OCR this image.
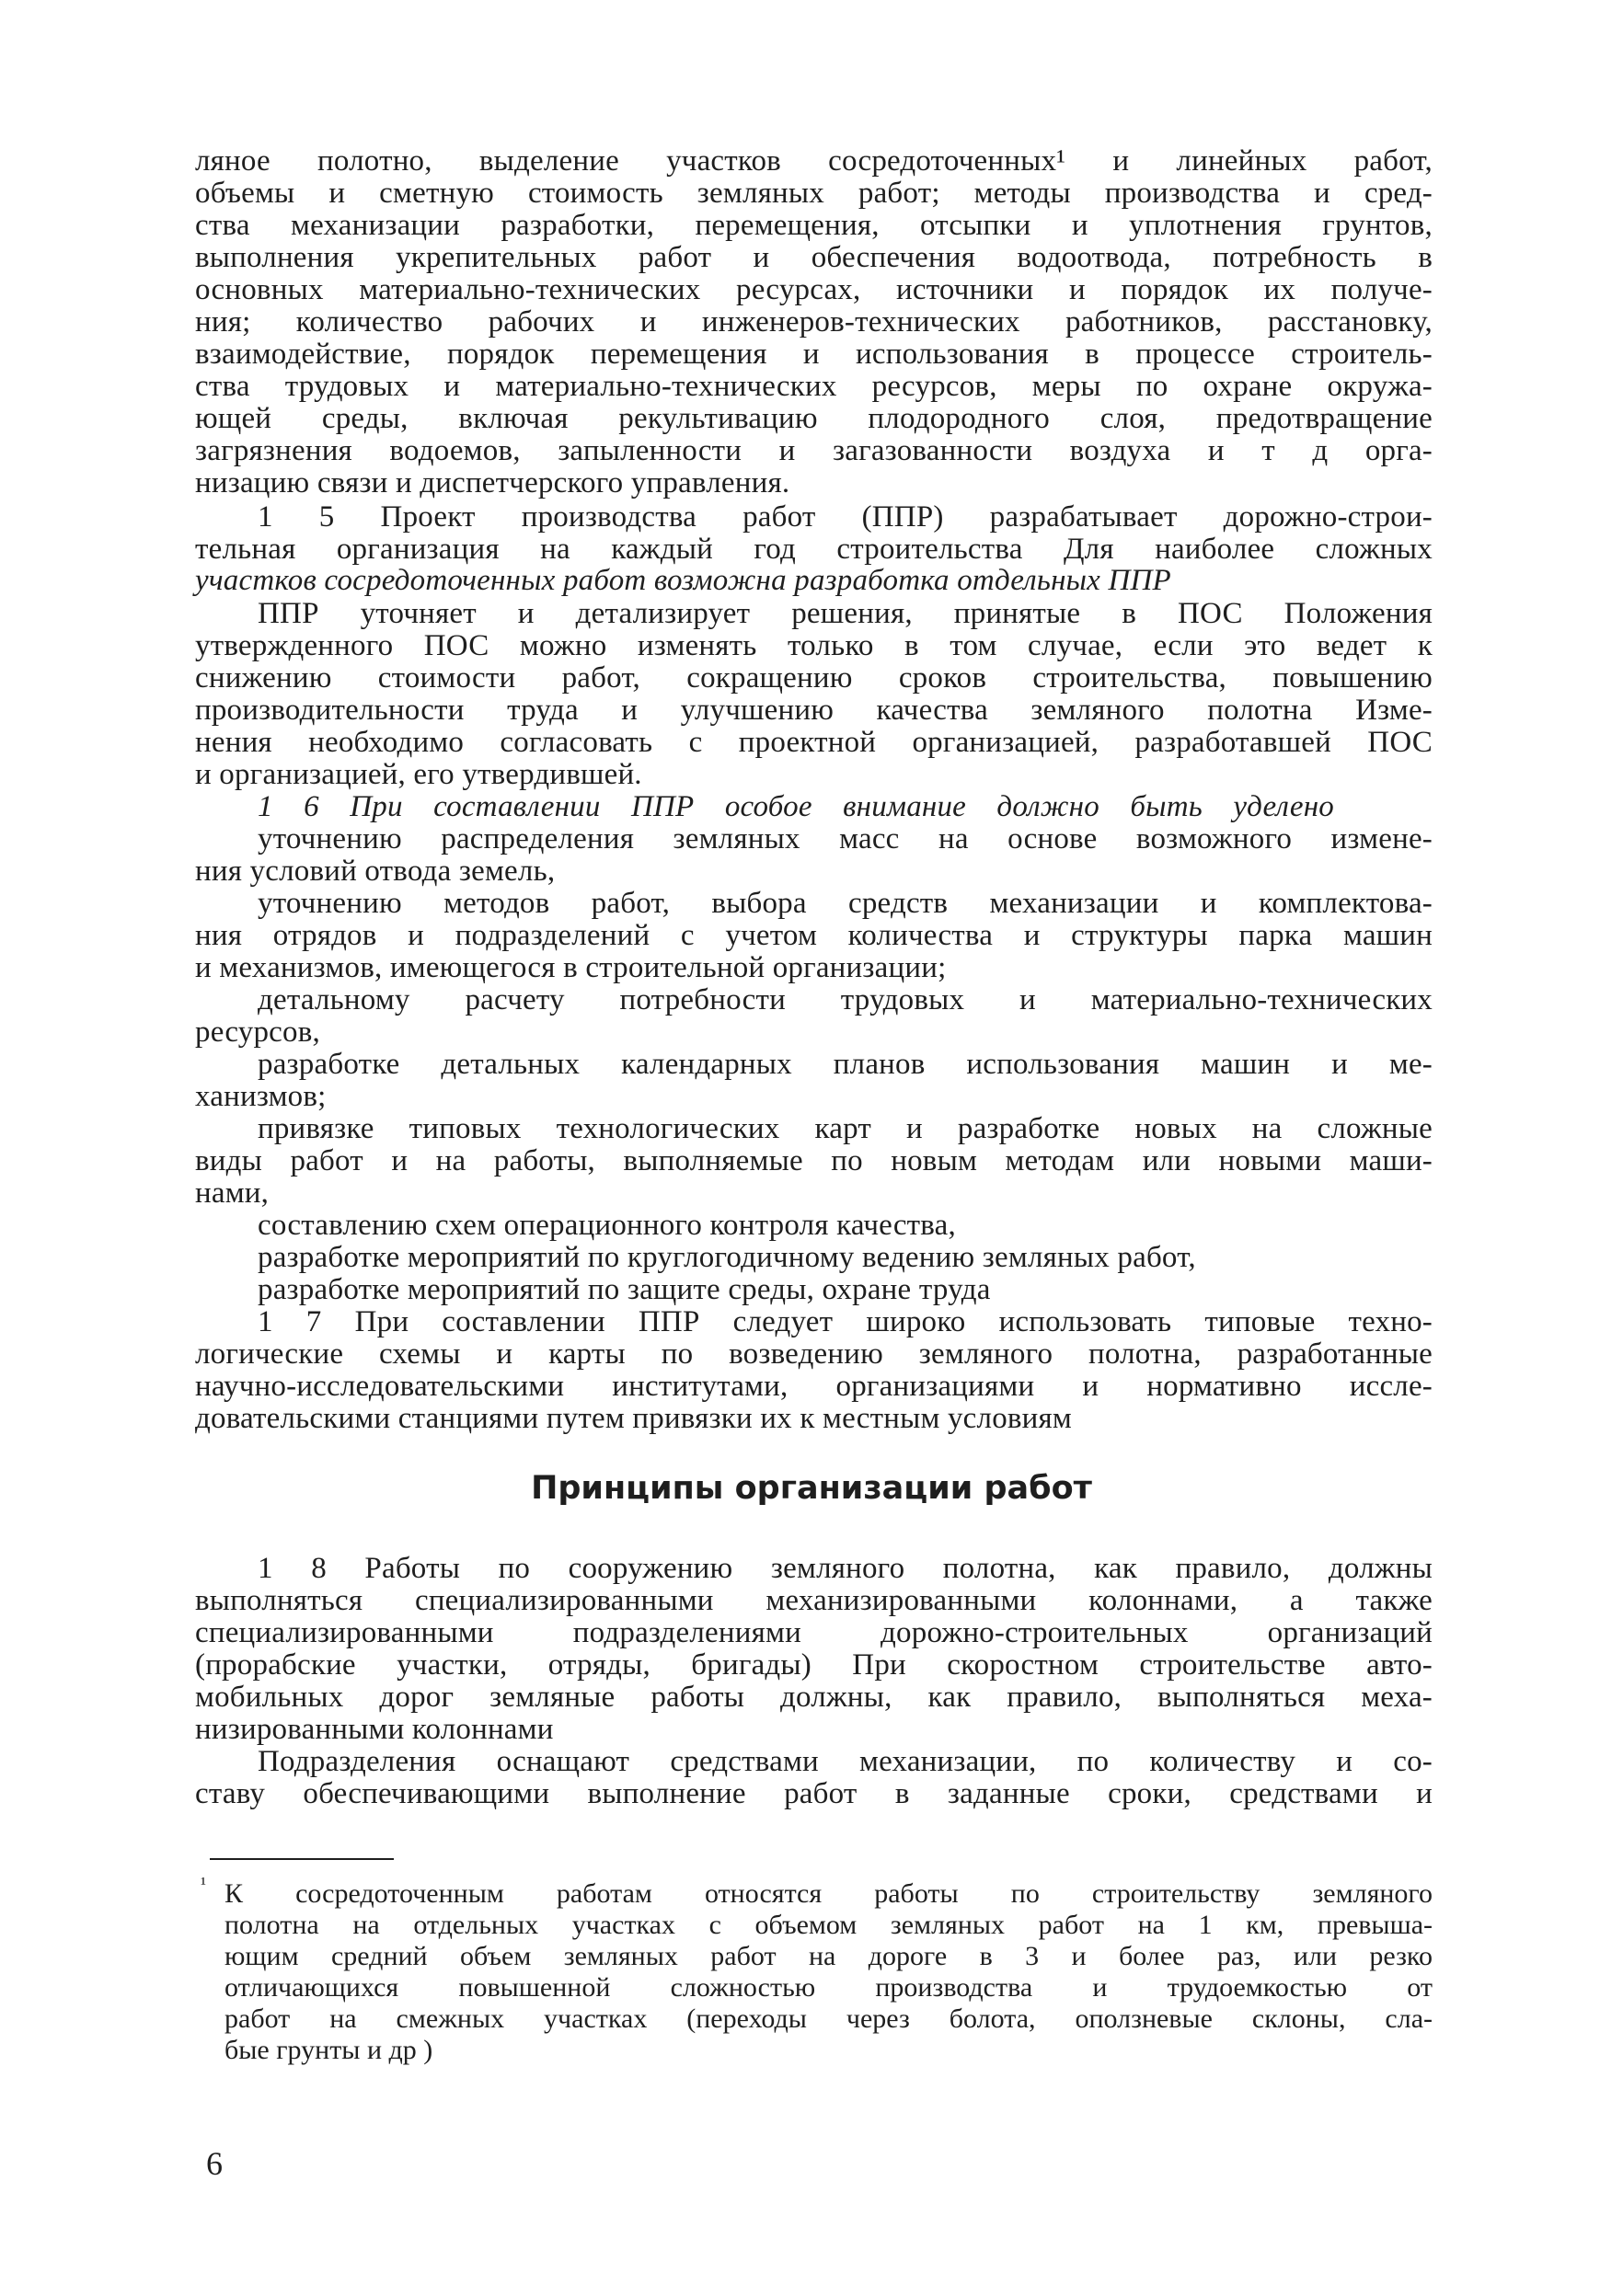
ляное полотно, выделение участков сосредоточенных¹ и линейных работ,
объемы и сметную стоимость земляных работ; методы производства и сред-
ства механизации разработки, перемещения, отсыпки и уплотнения грунтов,
выполнения укрепительных работ и обеспечения водоотвода, потребность в
основных материально-технических ресурсах, источники и порядок их получе-
ния; количество рабочих и инженеров-технических работников, расстановку,
взаимодействие, порядок перемещения и использования в процессе строитель-
ства трудовых и материально-технических ресурсов, меры по охране окружа-
ющей среды, включая рекультивацию плодородного слоя, предотвращение
загрязнения водоемов, запыленности и загазованности воздуха и т д орга-
низацию связи и диспетчерского управления.
1 5 Проект производства работ (ППР) разрабатывает дорожно-строи-
тельная организация на каждый год строительства Для наиболее сложных
участков сосредоточенных работ возможна разработка отдельных ППР
ППР уточняет и детализирует решения, принятые в ПОС Положения
утвержденного ПОС можно изменять только в том случае, если это ведет к
снижению стоимости работ, сокращению сроков строительства, повышению
производительности труда и улучшению качества земляного полотна Изме-
нения необходимо согласовать с проектной организацией, разработавшей ПОС
и организацией, его утвердившей.
1 6 При составлении ППР особое внимание должно быть уделено
уточнению распределения земляных масс на основе возможного измене-
ния условий отвода земель,
уточнению методов работ, выбора средств механизации и комплектова-
ния отрядов и подразделений с учетом количества и структуры парка машин
и механизмов, имеющегося в строительной организации;
детальному расчету потребности трудовых и материально-технических
ресурсов,
разработке детальных календарных планов использования машин и ме-
ханизмов;
привязке типовых технологических карт и разработке новых на сложные
виды работ и на работы, выполняемые по новым методам или новыми маши-
нами,
составлению схем операционного контроля качества,
разработке мероприятий по круглогодичному ведению земляных работ,
разработке мероприятий по защите среды, охране труда
1 7 При составлении ППР следует широко использовать типовые техно-
логические схемы и карты по возведению земляного полотна, разработанные
научно-исследовательскими институтами, организациями и нормативно исслe-
довательскими станциями путем привязки их к местным условиям
Принципы организации работ
1 8 Работы по сооружению земляного полотна, как правило, должны
выполняться специализированными механизированными колоннами, а также
специализированными подразделениями дорожно-строительных организаций
(прорабские участки, отряды, бригады) При скоростном строительстве авто-
мобильных дорог земляные работы должны, как правило, выполняться меха-
низированными колоннами
Подразделения оснащают средствами механизации, по количеству и со-
ставу обеспечивающими выполнение работ в заданные сроки, средствами и
¹ К сосредоточенным работам относятся работы по строительству земляного
полотна на отдельных участках с объемом земляных работ на 1 км, превыша-
ющим средний объем земляных работ на дороге в 3 и более раз, или резко
отличающихся повышенной сложностью производства и трудоемкостью от
работ на смежных участках (переходы через болота, оползневые склоны, сла-
бые грунты и др )
6
